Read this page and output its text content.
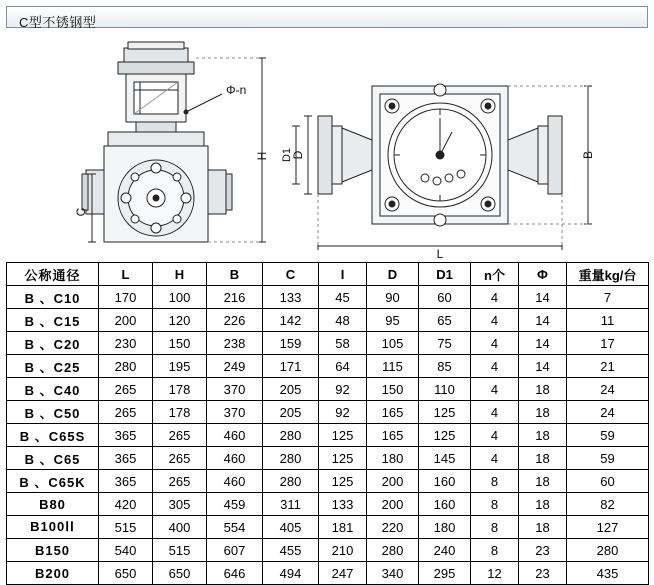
C型不锈钢型
Φ-n
H
C
D
D1	B
L
公称通径	L	H	B	C	I	D	D1	n个	Φ	重量kg/台
B 、C10	170	100	216	133	45	90	60	4	14	7
B 、C15	200	120	226	142	48	95	65	4	14	11
B 、C20	230	150	238	159	58	105	75	4	14	17
B 、C25	280	195	249	171	64	115	85	4	14	21
B 、C40	265	178	370	205	92	150	110	4	18	24
B 、C50	265	178	370	205	92	165	125	4	18	24
B 、C65S	365	265	460	280	125	165	125	4	18	59
B 、C65	365	265	460	280	125	180	145	4	18	59
B 、C65K	365	265	460	280	125	200	160	8	18	60
B80	420	305	459	311	133	200	160	8	18	82
B100ⅠⅠ	515	400	554	405	181	220	180	8	18	127
B150	540	515	607	455	210	280	240	8	23	280
B200	650	650	646	494	247	340	295	12	23	435
